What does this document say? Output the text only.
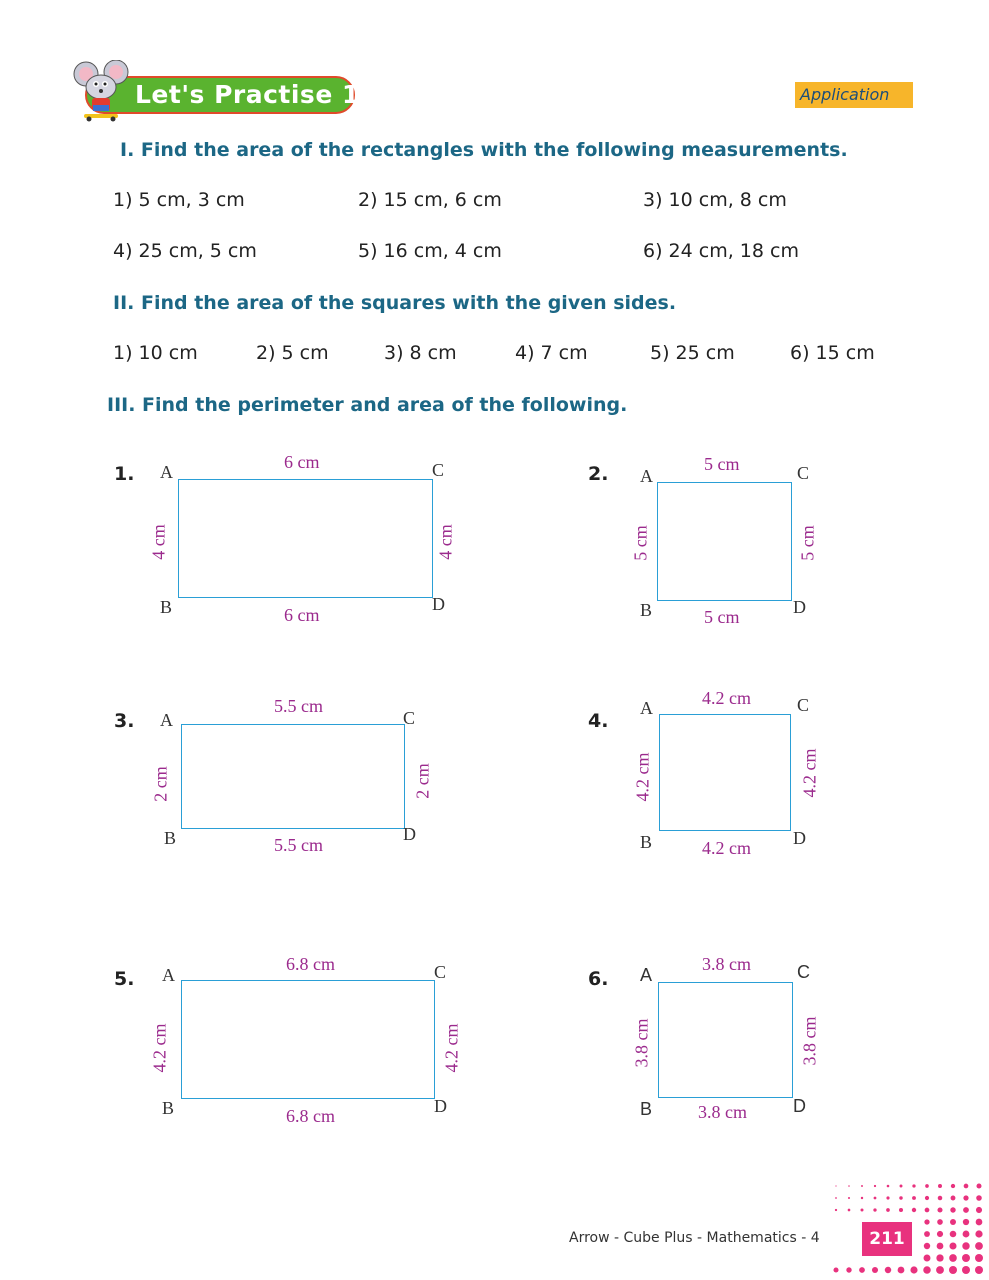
Let's Practise 11.2	Application
I. Find the area of the rectangles with the following measurements.
1) 5 cm, 3 cm	2) 15 cm, 6 cm	3) 10 cm, 8 cm
4) 25 cm, 5 cm	5) 16 cm, 4 cm	6) 24 cm, 18 cm
II. Find the area of the squares with the given sides.
1) 10 cm	2) 5 cm	3) 8 cm	4) 7 cm	5) 25 cm	6) 15 cm
III. Find the perimeter and area of the following.
1. A
B
C
D
6 cm
6 cm
4 cm	4 cm
2. A
B
C
D
5 cm
5 cm
5 cm	5 cm
3. A
B
C
D
5.5 cm
5.5 cm
2 cm	2 cm
4.
A
B
C
D
4.2 cm
4.2 cm
4.2 cm	4.2 cm
5. A
B
C
D
6.8 cm
6.8 cm
4.2 cm	4.2 cm
6. A
B
C
D
3.8 cm
3.8 cm
3.8 cm	3.8 cm
Arrow - Cube Plus - Mathematics - 4	211
